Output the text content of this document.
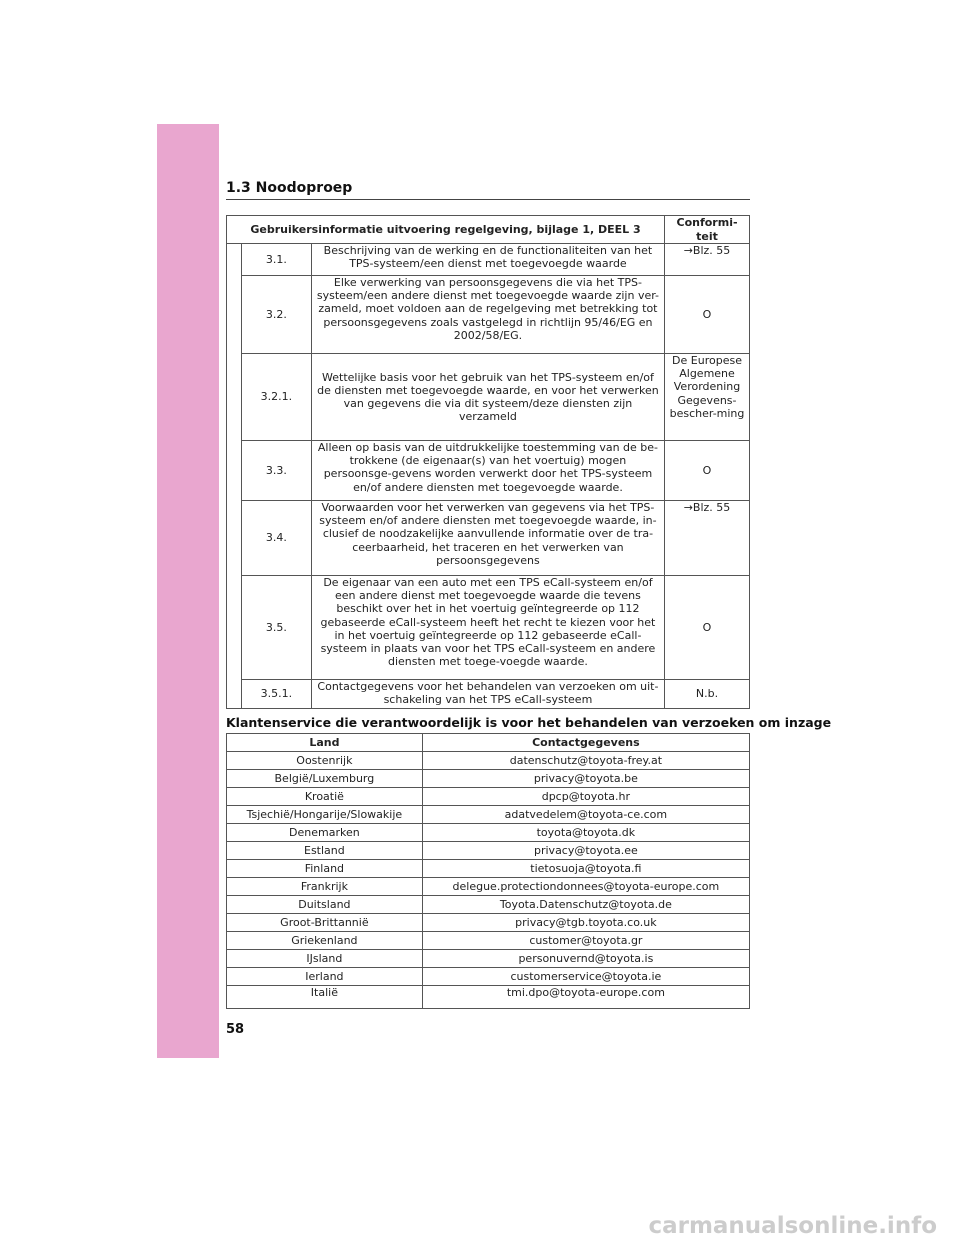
1.3 Noodoproep
Gebruikersinformatie uitvoering regelgeving, bijlage 1, DEEL 3			Conformi-
teit
	3.1.	Beschrijving van de werking en de functionaliteiten van het TPS-systeem/een dienst met toegevoegde waarde	→Blz. 55
	3.2.	Elke verwerking van persoonsgegevens die via het TPS-systeem/een andere dienst met toegevoegde waarde zijn ver-zameld, moet voldoen aan de regelgeving met betrekking tot persoonsgegevens zoals vastgelegd in richtlijn 95/46/EG en 2002/58/EG.	O
	3.2.1.	Wettelijke basis voor het gebruik van het TPS-systeem en/of de diensten met toegevoegde waarde, en voor het verwerken van gegevens die via dit systeem/deze diensten zijn verzameld	De Europese Algemene Verordening Gegevens-bescher-ming
	3.3.	Alleen op basis van de uitdrukkelijke toestemming van de be-trokkene (de eigenaar(s) van het voertuig) mogen persoonsge-gevens worden verwerkt door het TPS-systeem en/of andere diensten met toegevoegde waarde.	O
	3.4.	Voorwaarden voor het verwerken van gegevens via het TPS-systeem en/of andere diensten met toegevoegde waarde, in-clusief de noodzakelijke aanvullende informatie over de tra-ceerbaarheid, het traceren en het verwerken van persoonsgegevens	→Blz. 55
	3.5.	De eigenaar van een auto met een TPS eCall-systeem en/of een andere dienst met toegevoegde waarde die tevens beschikt over het in het voertuig geïntegreerde op 112 gebaseerde eCall-systeem heeft het recht te kiezen voor het in het voertuig geïntegreerde op 112 gebaseerde eCall-systeem in plaats van voor het TPS eCall-systeem en andere diensten met toege-voegde waarde.	O
	3.5.1.	Contactgegevens voor het behandelen van verzoeken om uit-schakeling van het TPS eCall-systeem	N.b.
Klantenservice die verantwoordelijk is voor het behandelen van verzoeken om inzage
Land	Contactgegevens
Oostenrijk	datenschutz@toyota-frey.at
België/Luxemburg	privacy@toyota.be
Kroatië	dpcp@toyota.hr
Tsjechië/Hongarije/Slowakije	adatvedelem@toyota-ce.com
Denemarken	toyota@toyota.dk
Estland	privacy@toyota.ee
Finland	tietosuoja@toyota.fi
Frankrijk	delegue.protectiondonnees@toyota-europe.com
Duitsland	Toyota.Datenschutz@toyota.de
Groot-Brittannië	privacy@tgb.toyota.co.uk
Griekenland	customer@toyota.gr
IJsland	personuvernd@toyota.is
Ierland	customerservice@toyota.ie
Italië	tmi.dpo@toyota-europe.com
58
carmanualsonline.info
